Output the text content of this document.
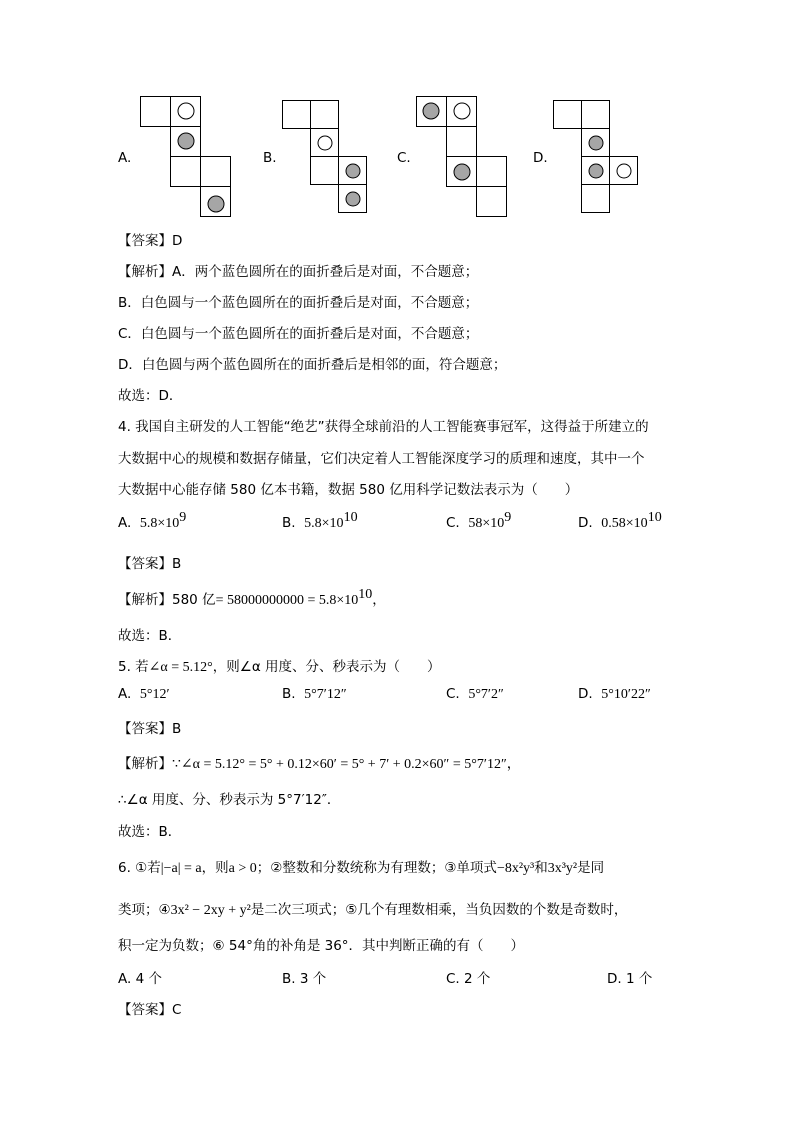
A.	B.	C.	D.
【答案】D
【解析】A．两个蓝色圆所在的面折叠后是对面，不合题意；
B．白色圆与一个蓝色圆所在的面折叠后是对面，不合题意；
C．白色圆与一个蓝色圆所在的面折叠后是对面，不合题意；
D．白色圆与两个蓝色圆所在的面折叠后是相邻的面，符合题意；
故选：D．
4. 我国自主研发的人工智能“绝艺”获得全球前沿的人工智能赛事冠军，这得益于所建立的
大数据中心的规模和数据存储量，它们决定着人工智能深度学习的质理和速度，其中一个
大数据中心能存储 580 亿本书籍，数据 580 亿用科学记数法表示为（　　）
A. $5.8\times 10^9$	B. $5.8\times 10^{10}$	C. $58\times 10^9$	D. $0.58\times 10^{10}$
【答案】B
【解析】580 亿= $58000000000 = 5.8\times 10^{10}$，
故选：B．
5. 若∠α = 5.12°，则∠α 用度、分、秒表示为（　　）
A. 5°12′	B. 5°7′12″	C. 5°7′2″	D. 5°10′22″
【答案】B
【解析】∵∠α = 5.12° = 5° + 0.12×60′ = 5° + 7′ + 0.2×60″ = 5°7′12″，
∴∠α 用度、分、秒表示为 5°7′12″．
故选：B．
6. ①若|−a| = a，则a > 0；②整数和分数统称为有理数；③单项式−8x²y³和3x³y²是同
类项；④3x² − 2xy + y²是二次三项式；⑤几个有理数相乘，当负因数的个数是奇数时，
积一定为负数；⑥ 54°角的补角是 36°．其中判断正确的有（　　）
A. 4 个	B. 3 个	C. 2 个	D. 1 个
【答案】C
